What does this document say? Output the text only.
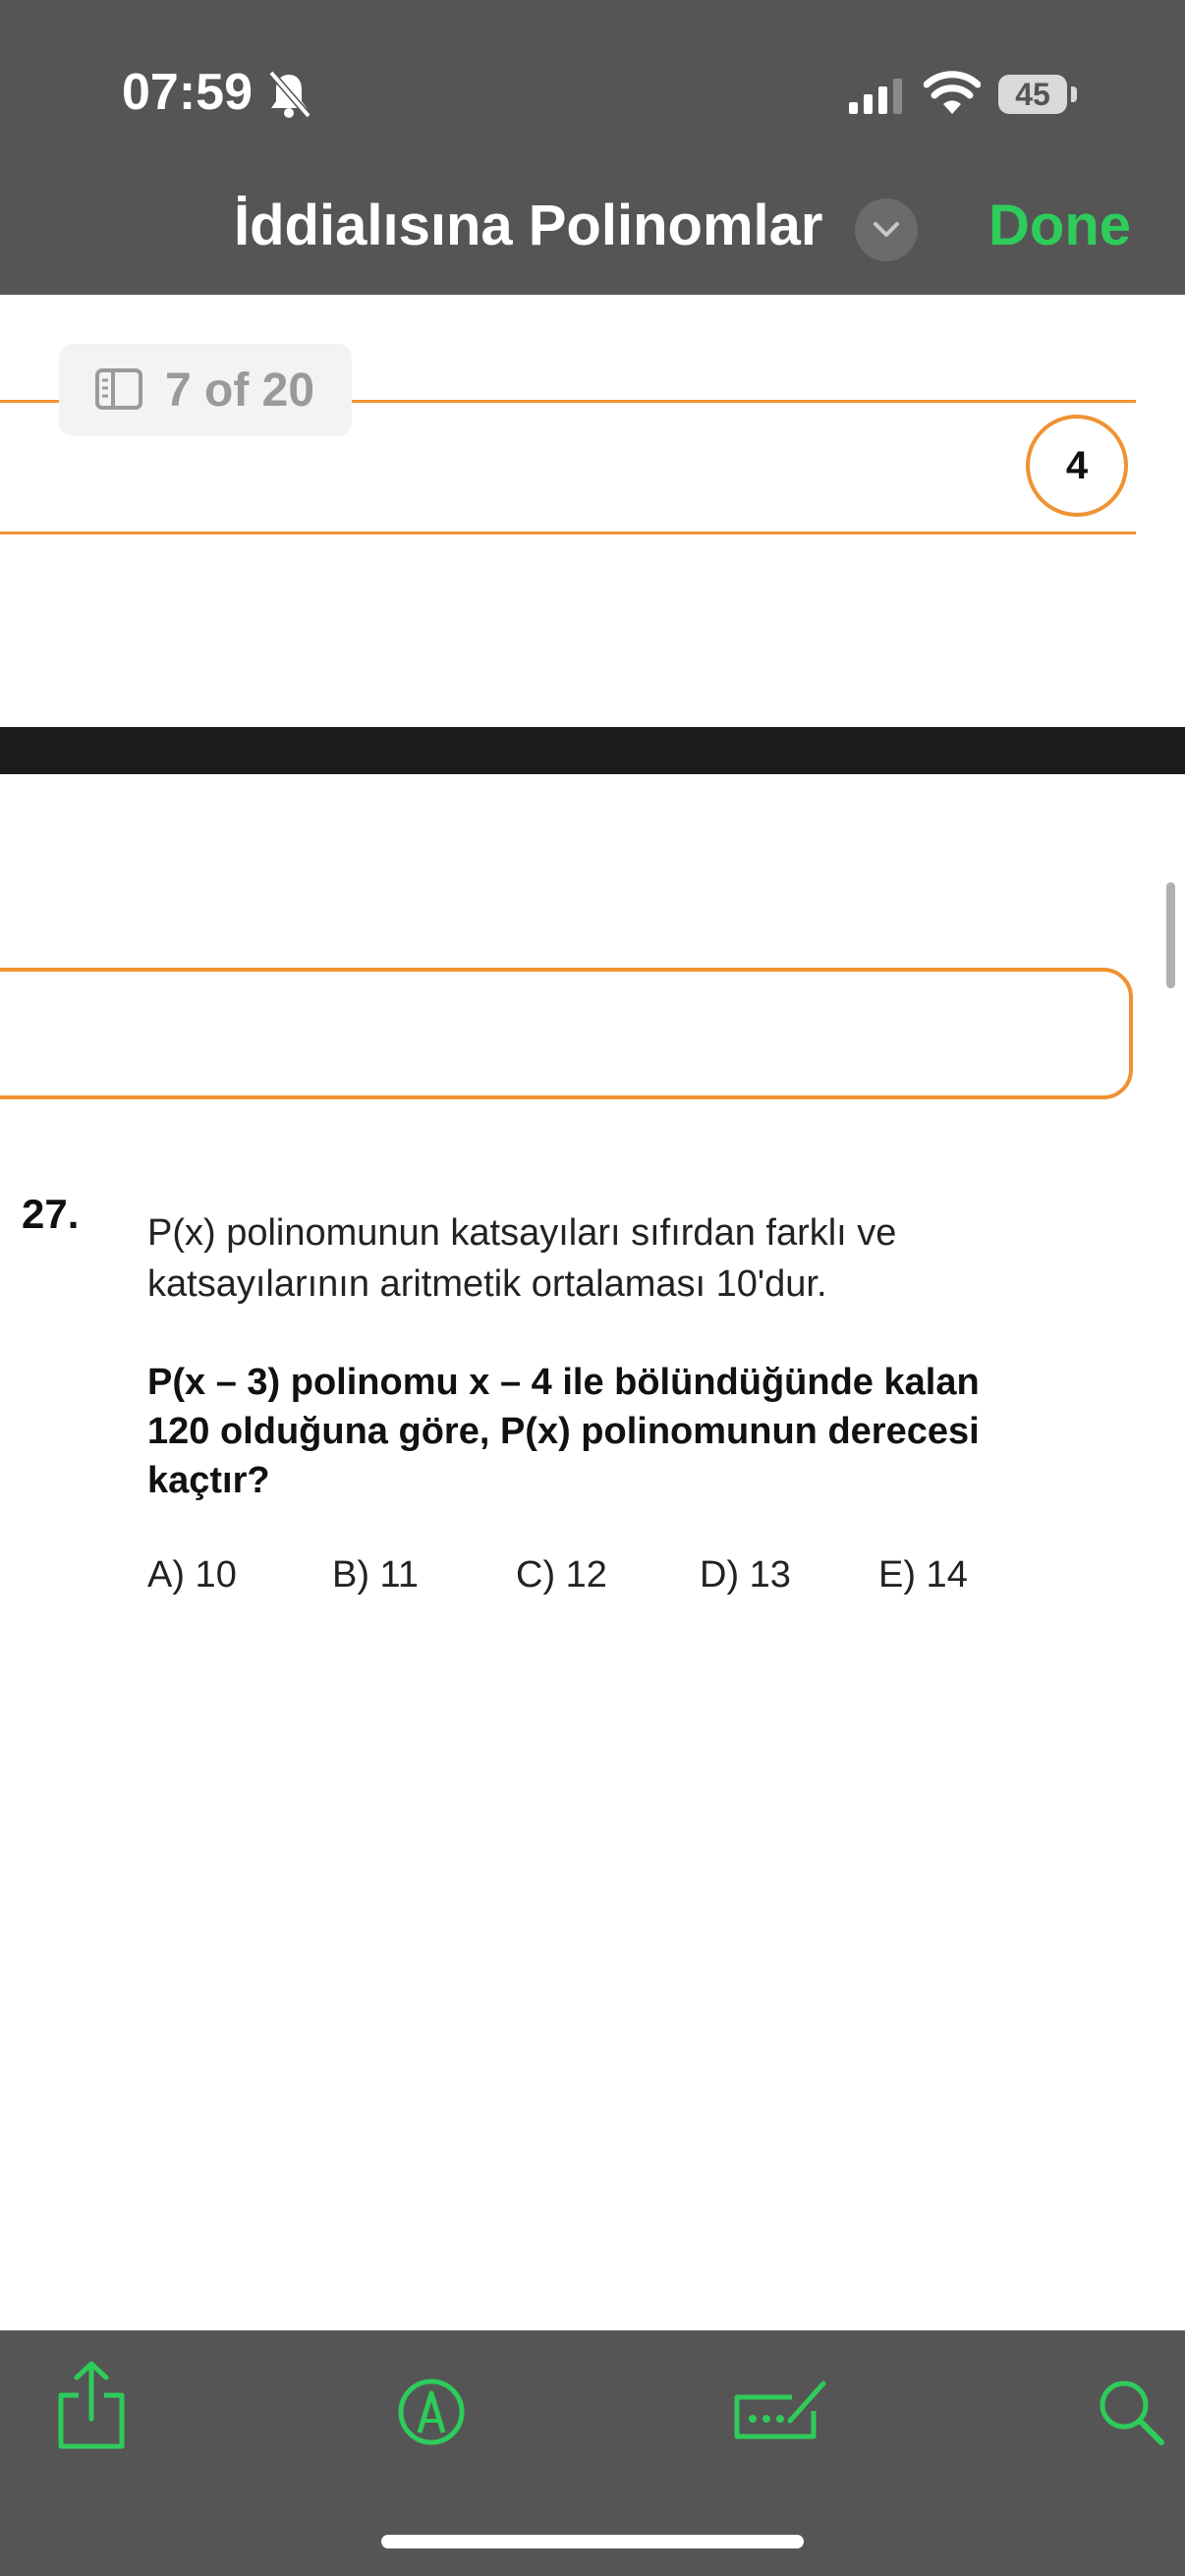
07:59	45
İddialısına Polinomlar	Done
7 of 20
4
27. P(x) polinomunun katsayıları sıfırdan farklı ve
katsayılarının aritmetik ortalaması 10'dur.
P(x – 3) polinomu x – 4 ile bölündüğünde kalan
120 olduğuna göre, P(x) polinomunun derecesi
kaçtır?
A) 10	B) 11	C) 12 D) 13 E) 14
